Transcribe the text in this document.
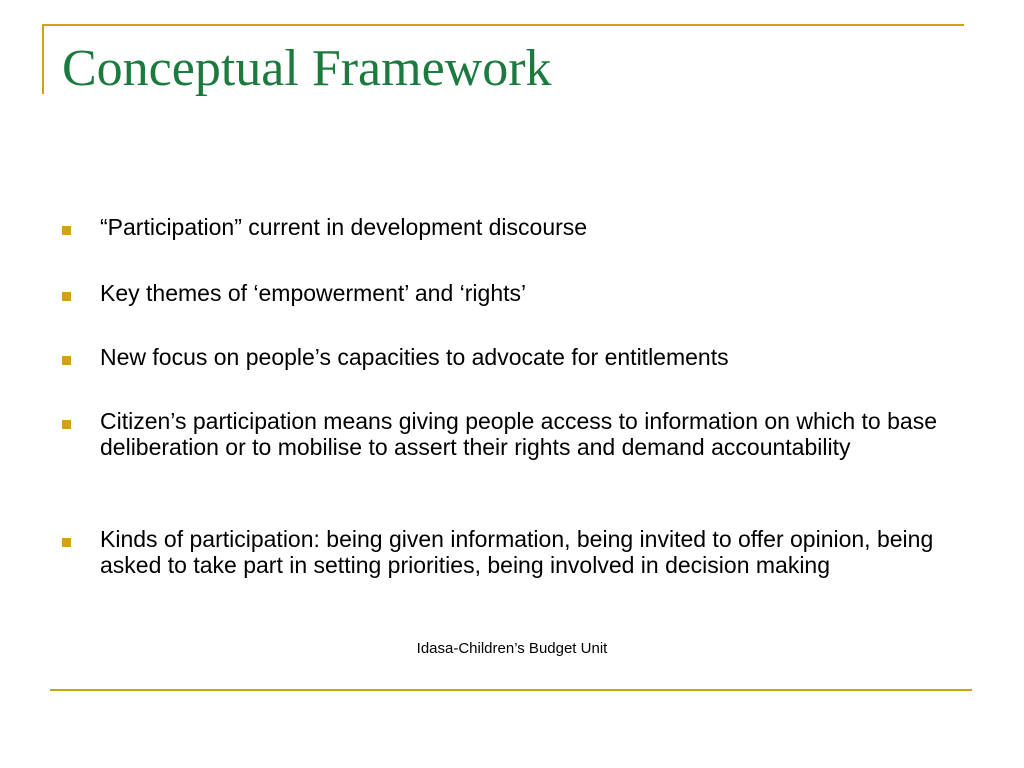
Conceptual Framework
“Participation” current in development discourse
Key themes of ‘empowerment’ and ‘rights’
New focus on people’s capacities to advocate for entitlements
Citizen’s participation means giving people access to information on which to base deliberation or to mobilise to assert their rights and demand accountability
Kinds of participation: being given information, being invited to offer opinion, being asked to take part in setting priorities, being involved in decision making
Idasa-Children’s Budget Unit
